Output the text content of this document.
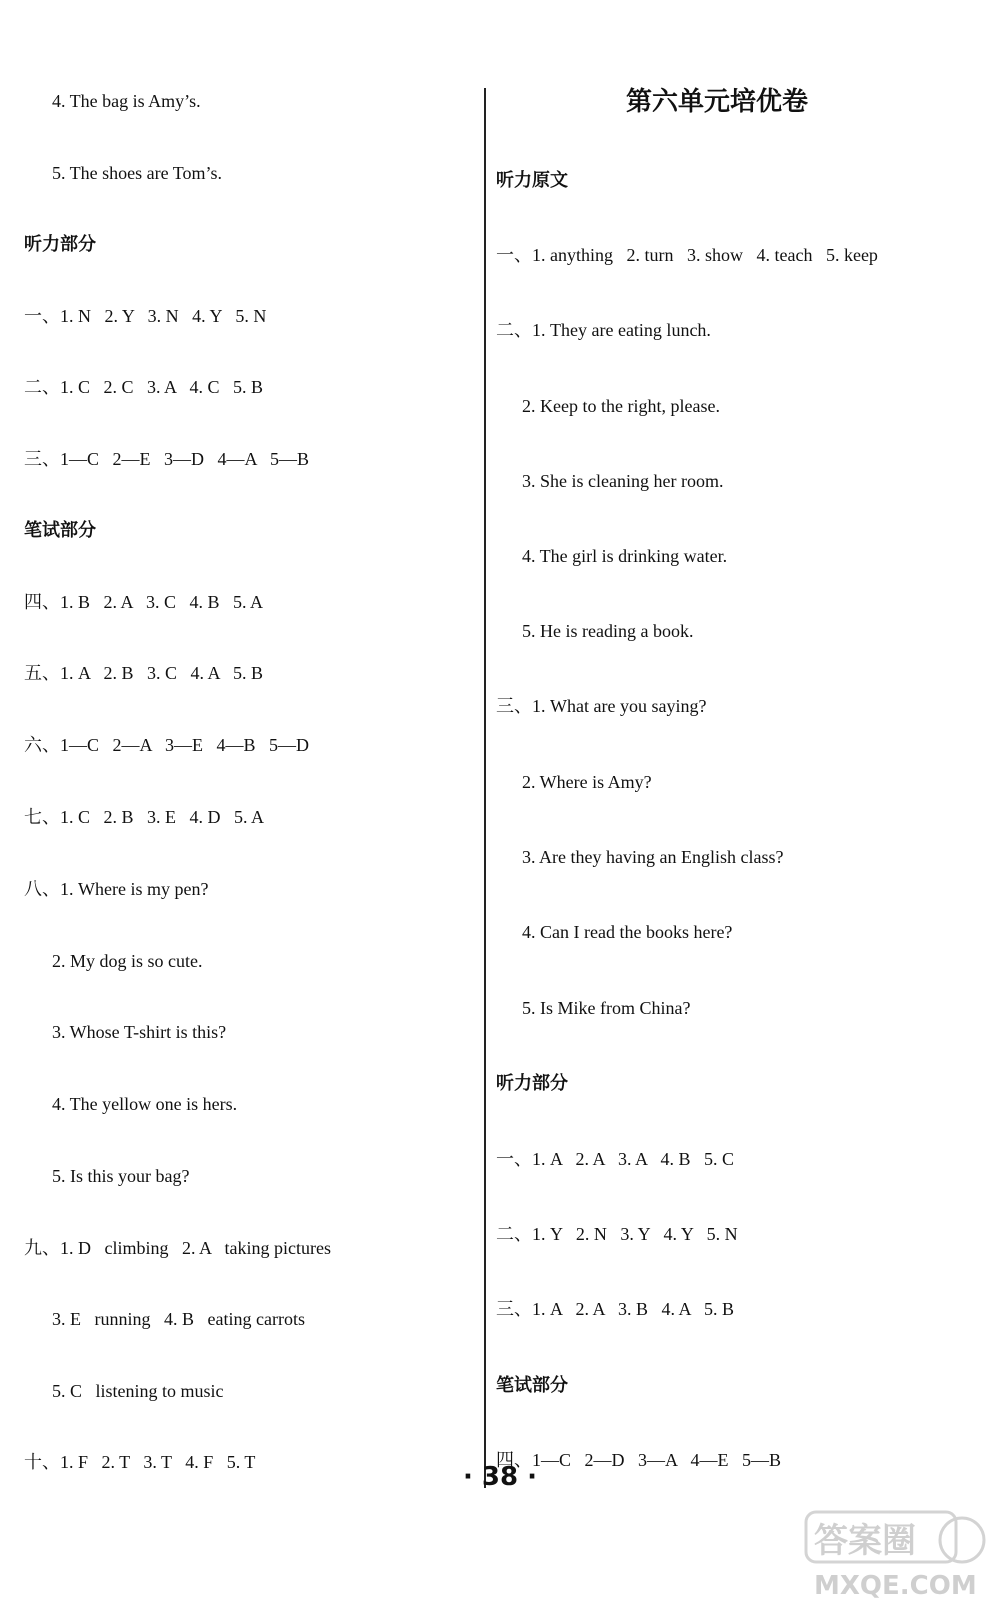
4. The bag is Amy’s.
5. The shoes are Tom’s.
听力部分
一、1. N   2. Y   3. N   4. Y   5. N
二、1. C   2. C   3. A   4. C   5. B
三、1—C   2—E   3—D   4—A   5—B
笔试部分
四、1. B   2. A   3. C   4. B   5. A
五、1. A   2. B   3. C   4. A   5. B
六、1—C   2—A   3—E   4—B   5—D
七、1. C   2. B   3. E   4. D   5. A
八、1. Where is my pen?
2. My dog is so cute.
3. Whose T-shirt is this?
4. The yellow one is hers.
5. Is this your bag?
九、1. D   climbing   2. A   taking pictures
3. E   running   4. B   eating carrots
5. C   listening to music
十、1. F   2. T   3. T   4. F   5. T
第六单元培优卷
听力原文
一、1. anything   2. turn   3. show   4. teach   5. keep
二、1. They are eating lunch.
2. Keep to the right, please.
3. She is cleaning her room.
4. The girl is drinking water.
5. He is reading a book.
三、1. What are you saying?
2. Where is Amy?
3. Are they having an English class?
4. Can I read the books here?
5. Is Mike from China?
听力部分
一、1. A   2. A   3. A   4. B   5. C
二、1. Y   2. N   3. Y   4. Y   5. N
三、1. A   2. A   3. B   4. A   5. B
笔试部分
四、1—C   2—D   3—A   4—E   5—B
· 38 ·
答案圈
MXQE.COM
